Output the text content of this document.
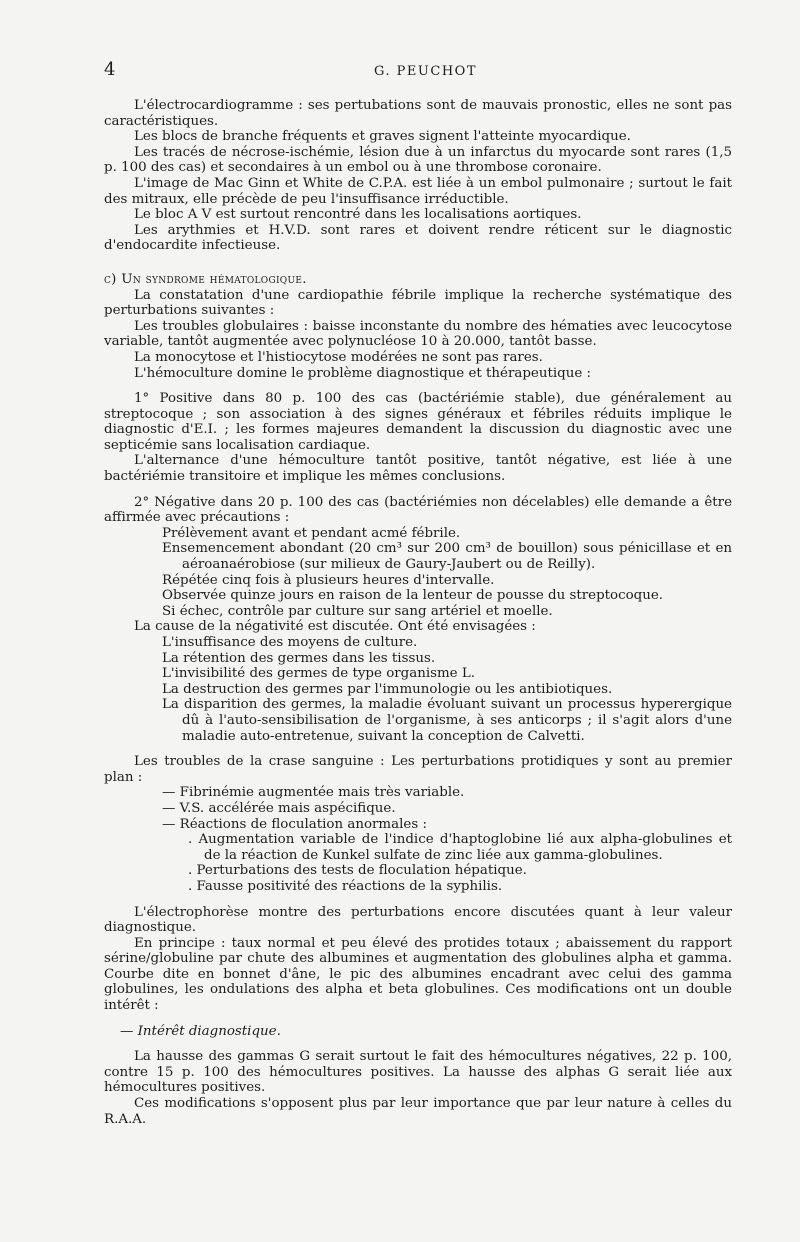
4	G. PEUCHOT

L'électrocardiogramme : ses pertubations sont de mauvais pronostic, elles ne sont pas caractéristiques.

Les blocs de branche fréquents et graves signent l'atteinte myocardique.

Les tracés de nécrose-ischémie, lésion due à un infarctus du myocarde sont rares (1,5 p. 100 des cas) et secondaires à un embol ou à une thrombose coronaire.

L'image de Mac Ginn et White de C.P.A. est liée à un embol pulmonaire ; surtout le fait des mitraux, elle précède de peu l'insuffisance irréductible.

Le bloc A V est surtout rencontré dans les localisations aortiques.

Les arythmies et H.V.D. sont rares et doivent rendre réticent sur le diagnostic d'endocardite infectieuse.

c) Un syndrome hématologique.

La constatation d'une cardiopathie fébrile implique la recherche systématique des perturbations suivantes :

Les troubles globulaires : baisse inconstante du nombre des hématies avec leucocytose variable, tantôt augmentée avec polynucléose 10 à 20.000, tantôt basse.

La monocytose et l'histiocytose modérées ne sont pas rares.

L'hémoculture domine le problème diagnostique et thérapeutique :

1° Positive dans 80 p. 100 des cas (bactériémie stable), due généralement au streptocoque ; son association à des signes généraux et fébriles réduits implique le diagnostic d'E.I. ; les formes majeures demandent la discussion du diagnostic avec une septicémie sans localisation cardiaque.

L'alternance d'une hémoculture tantôt positive, tantôt négative, est liée à une bactériémie transitoire et implique les mêmes conclusions.

2° Négative dans 20 p. 100 des cas (bactériémies non décelables) elle demande a être affirmée avec précautions :

Prélèvement avant et pendant acmé fébrile.

Ensemencement abondant (20 cm³ sur 200 cm³ de bouillon) sous pénicillase et en aéroanaérobiose (sur milieux de Gaury-Jaubert ou de Reilly).

Répétée cinq fois à plusieurs heures d'intervalle.

Observée quinze jours en raison de la lenteur de pousse du streptocoque.

Si échec, contrôle par culture sur sang artériel et moelle.

La cause de la négativité est discutée. Ont été envisagées :

L'insuffisance des moyens de culture.

La rétention des germes dans les tissus.

L'invisibilité des germes de type organisme L.

La destruction des germes par l'immunologie ou les antibiotiques.

La disparition des germes, la maladie évoluant suivant un processus hyperergique dû à l'auto-sensibilisation de l'organisme, à ses anticorps ; il s'agit alors d'une maladie auto-entretenue, suivant la conception de Calvetti.

Les troubles de la crase sanguine : Les perturbations protidiques y sont au premier plan :

— Fibrinémie augmentée mais très variable.

— V.S. accélérée mais aspécifique.

— Réactions de floculation anormales :

. Augmentation variable de l'indice d'haptoglobine lié aux alpha-globulines et de la réaction de Kunkel sulfate de zinc liée aux gamma-globulines.

. Perturbations des tests de floculation hépatique.

. Fausse positivité des réactions de la syphilis.

L'électrophorèse montre des perturbations encore discutées quant à leur valeur diagnostique.

En principe : taux normal et peu élevé des protides totaux ; abaissement du rapport sérine/globuline par chute des albumines et augmentation des globulines alpha et gamma. Courbe dite en bonnet d'âne, le pic des albumines encadrant avec celui des gamma globulines, les ondulations des alpha et beta globulines. Ces modifications ont un double intérêt :

— Intérêt diagnostique.

La hausse des gammas G serait surtout le fait des hémocultures négatives, 22 p. 100, contre 15 p. 100 des hémocultures positives. La hausse des alphas G serait liée aux hémocultures positives.

Ces modifications s'opposent plus par leur importance que par leur nature à celles du R.A.A.
